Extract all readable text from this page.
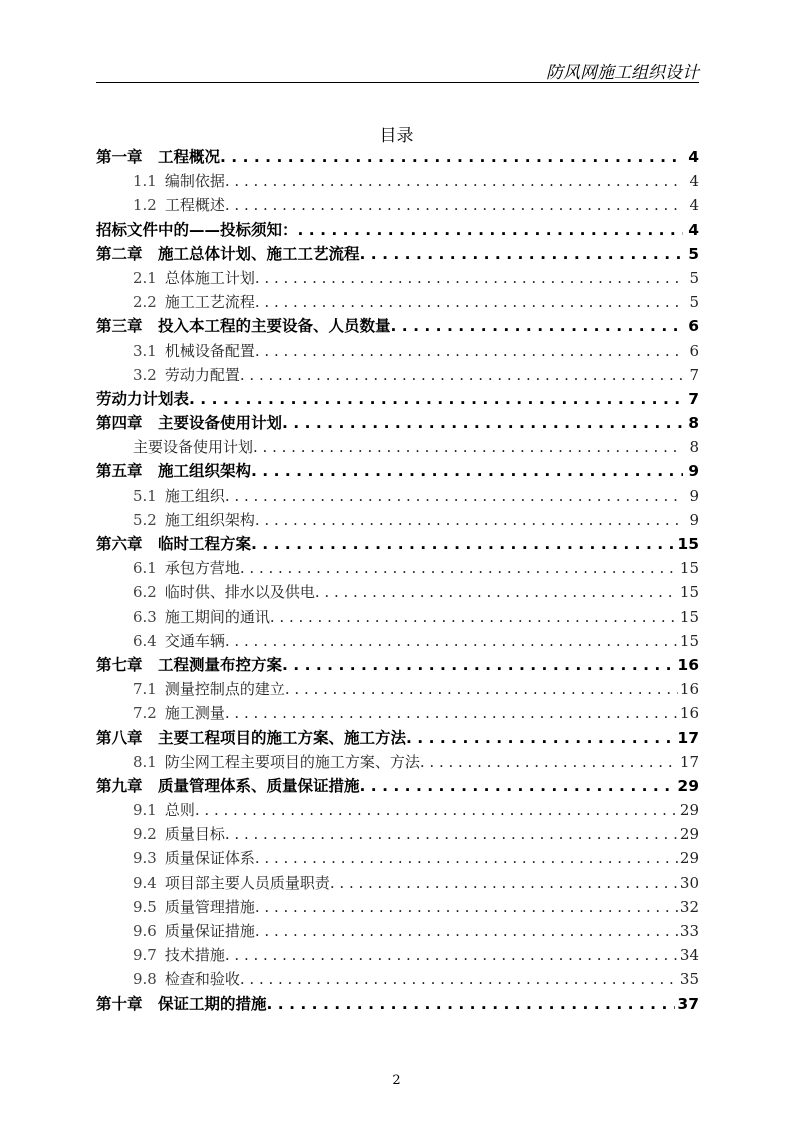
防风网施工组织设计
目录
第一章　工程概况 . . .	4
1.1 编制依据 . . .	4
1.2 工程概述 . . .	4
招标文件中的——投标须知： . . .	4
第二章　施工总体计划、施工工艺流程 . . .	5
2.1 总体施工计划 . . .	5
2.2 施工工艺流程 . . .	5
第三章　投入本工程的主要设备、人员数量 . . .	6
3.1 机械设备配置 . . .	6
3.2 劳动力配置 . . .	7
劳动力计划表 . . .	7
第四章　主要设备使用计划 . . .	8
主要设备使用计划 . . .	8
第五章　施工组织架构 . . .	9
5.1 施工组织 . . .	9
5.2 施工组织架构 . . .	9
第六章　临时工程方案 . . .	15
6.1 承包方营地 . . .	15
6.2 临时供、排水以及供电 . . .	15
6.3 施工期间的通讯 . . .	15
6.4 交通车辆 . . .	15
第七章　工程测量布控方案 . . .	16
7.1 测量控制点的建立 . . .	16
7.2 施工测量 . . .	16
第八章　主要工程项目的施工方案、施工方法 . . .	17
8.1 防尘网工程主要项目的施工方案、方法 . . .	17
第九章　质量管理体系、质量保证措施 . . .	29
9.1 总则 . . .	29
9.2 质量目标 . . .	29
9.3 质量保证体系 . . .	29
9.4 项目部主要人员质量职责 . . .	30
9.5 质量管理措施 . . .	32
9.6 质量保证措施 . . .	33
9.7 技术措施 . . .	34
9.8 检查和验收 . . .	35
第十章　保证工期的措施 . . .	37
2
